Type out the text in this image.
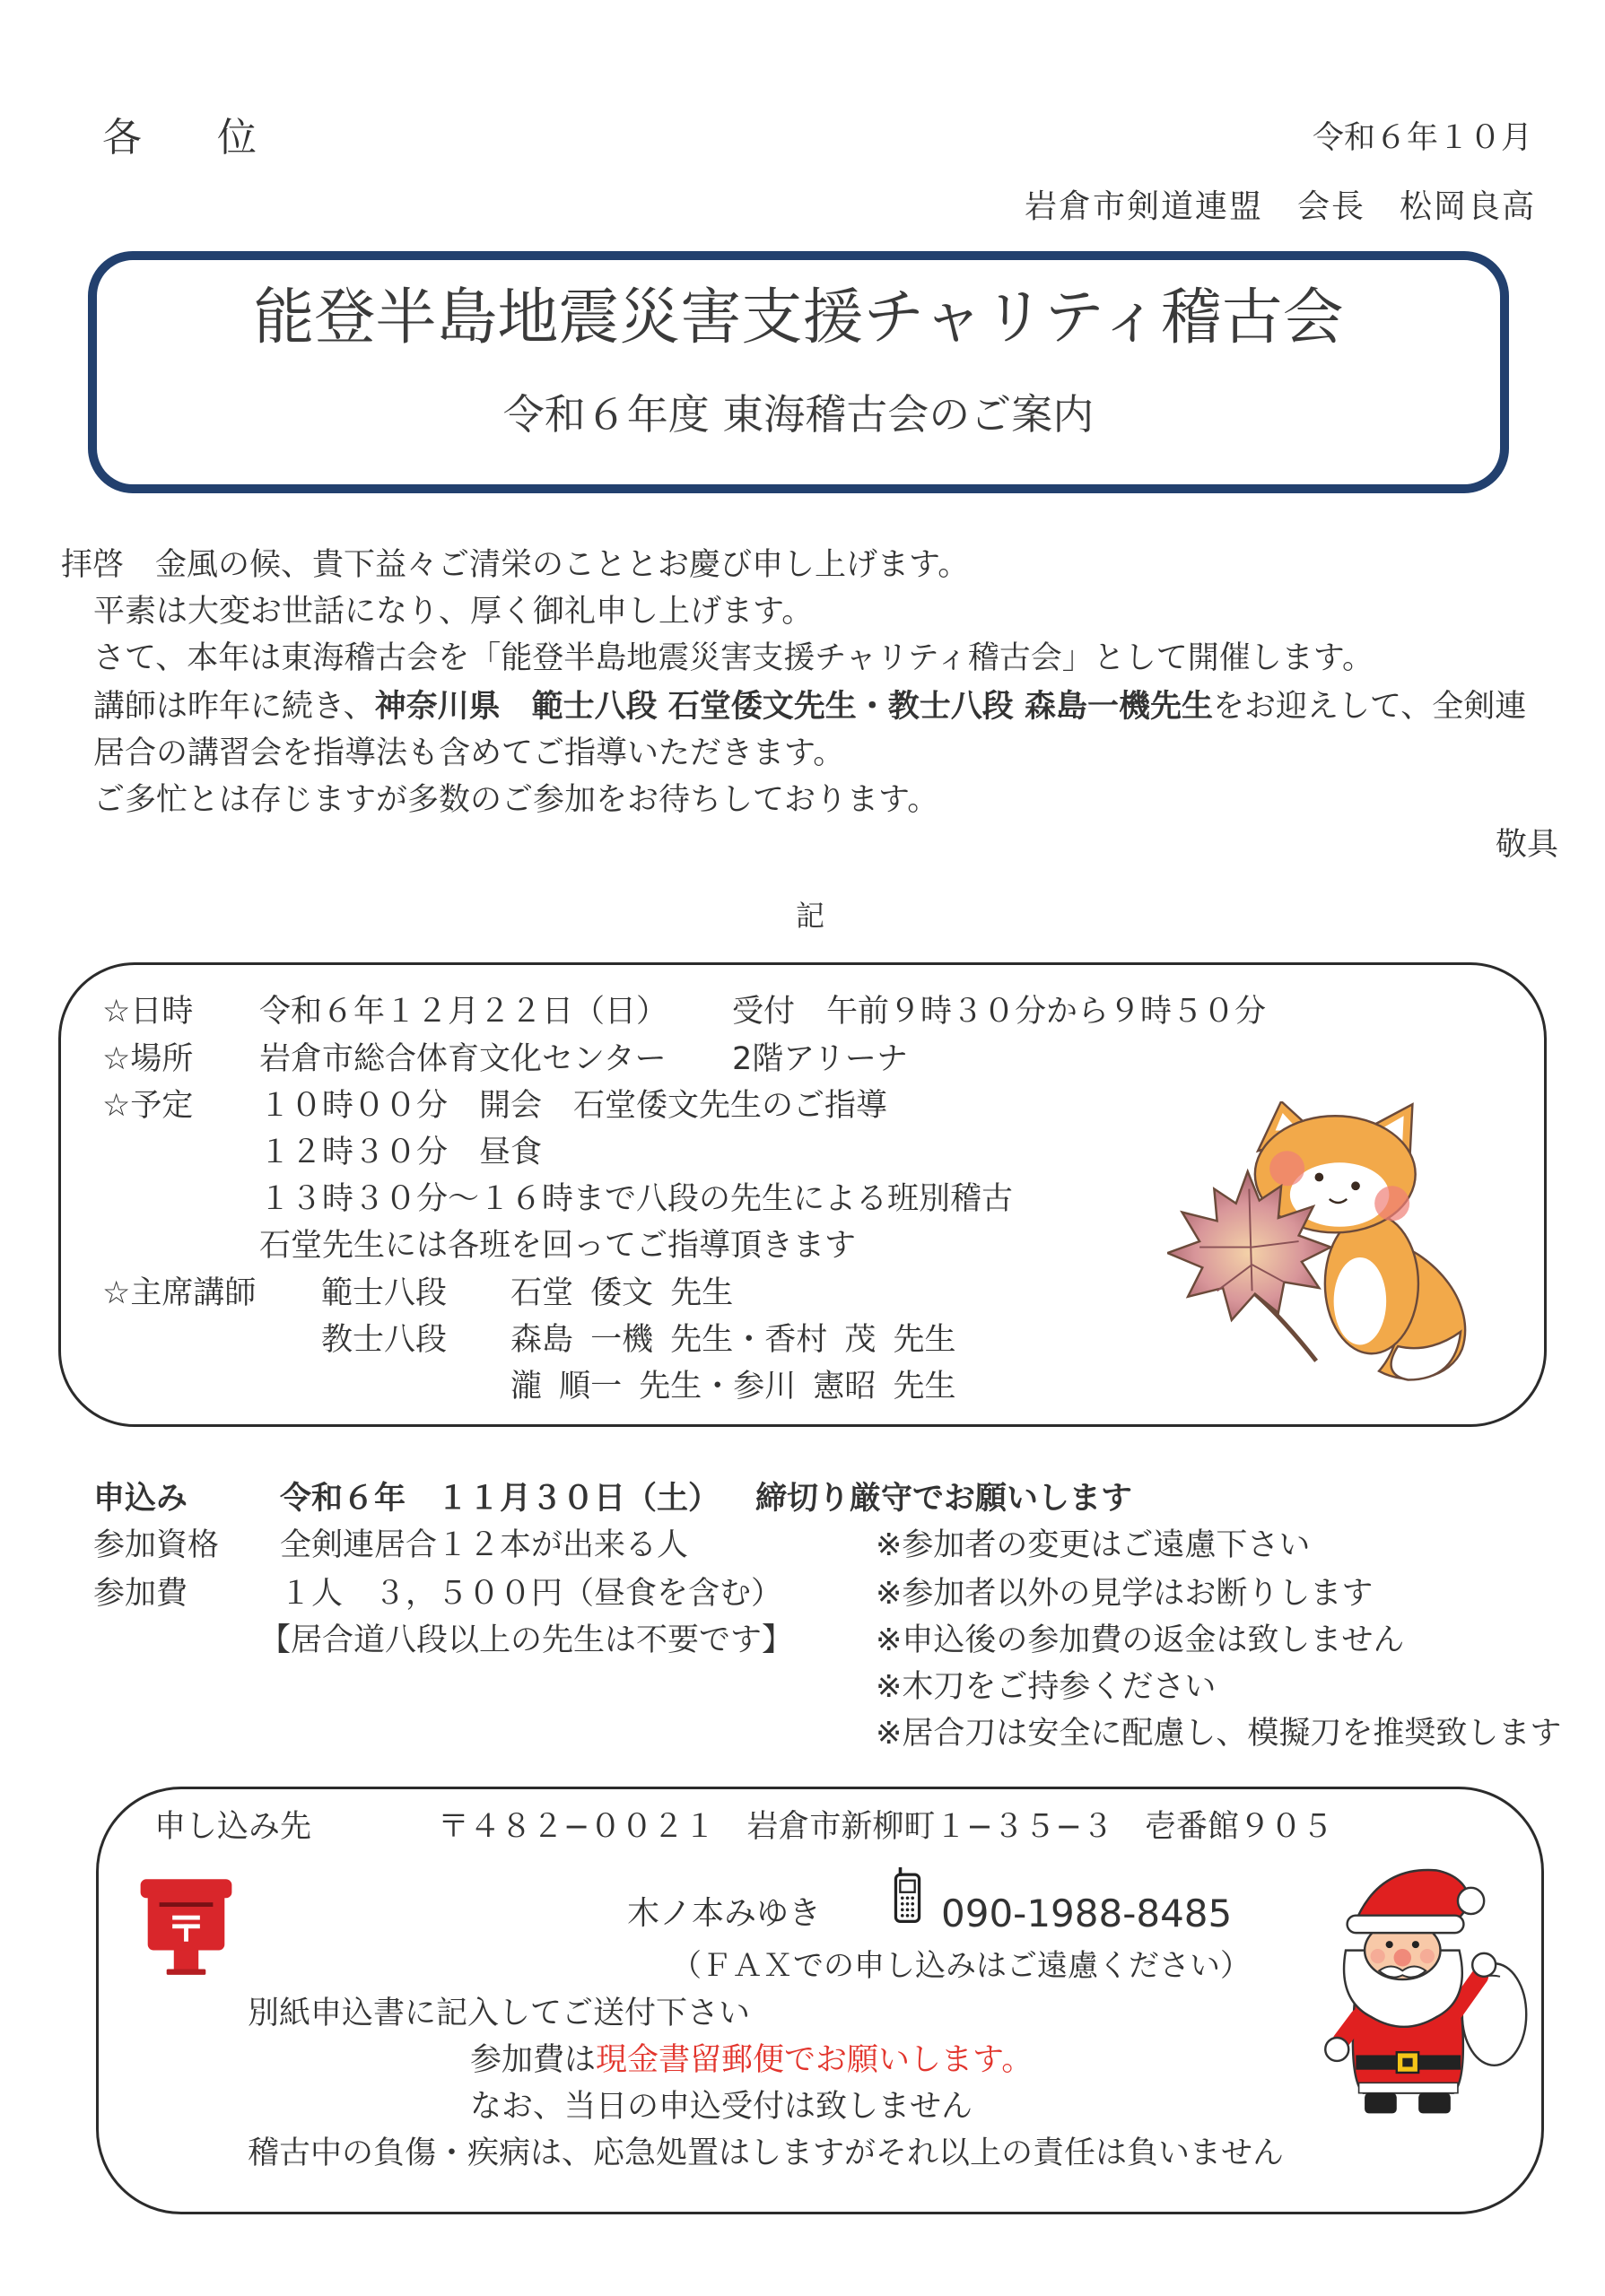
各　位	令和６年１０月
岩倉市剣道連盟　会長　松岡良高
能登半島地震災害支援チャリティ稽古会
令和６年度 東海稽古会のご案内
拝啓　金風の候、貴下益々ご清栄のこととお慶び申し上げます。
平素は大変お世話になり、厚く御礼申し上げます。
さて、本年は東海稽古会を「能登半島地震災害支援チャリティ稽古会」として開催します。
講師は昨年に続き、神奈川県　範士八段 石堂倭文先生・教士八段 森島一機先生をお迎えして、全剣連
居合の講習会を指導法も含めてご指導いただきます。
ご多忙とは存じますが多数のご参加をお待ちしております。
敬具
記
☆日時 令和６年１２月２２日（日） 受付　午前９時３０分から９時５０分
☆場所 岩倉市総合体育文化センター 2階アリーナ
☆予定 １０時００分　開会　石堂倭文先生のご指導
１２時３０分　昼食
１３時３０分～１６時まで八段の先生による班別稽古
石堂先生には各班を回ってご指導頂きます
☆主席講師 範士八段 石堂 倭文 先生
教士八段 森島 一機 先生・香村 茂 先生
瀧 順一 先生・参川 憲昭 先生
申込み	令和６年　１１月３０日（土） 締切り厳守でお願いします
参加資格 全剣連居合１２本が出来る人
参加費	１人　３，５００円（昼食を含む）
【居合道八段以上の先生は不要です】
※参加者の変更はご遠慮下さい
※参加者以外の見学はお断りします
※申込後の参加費の返金は致しません
※木刀をご持参ください
※居合刀は安全に配慮し、模擬刀を推奨致します
申し込み先	〒４８２−００２１　岩倉市新柳町１−３５−３　壱番館９０５
木ノ本みゆき	090-1988-8485
（ＦＡＸでの申し込みはご遠慮ください）
別紙申込書に記入してご送付下さい
参加費は現金書留郵便でお願いします。
なお、当日の申込受付は致しません
稽古中の負傷・疾病は、応急処置はしますがそれ以上の責任は負いません
